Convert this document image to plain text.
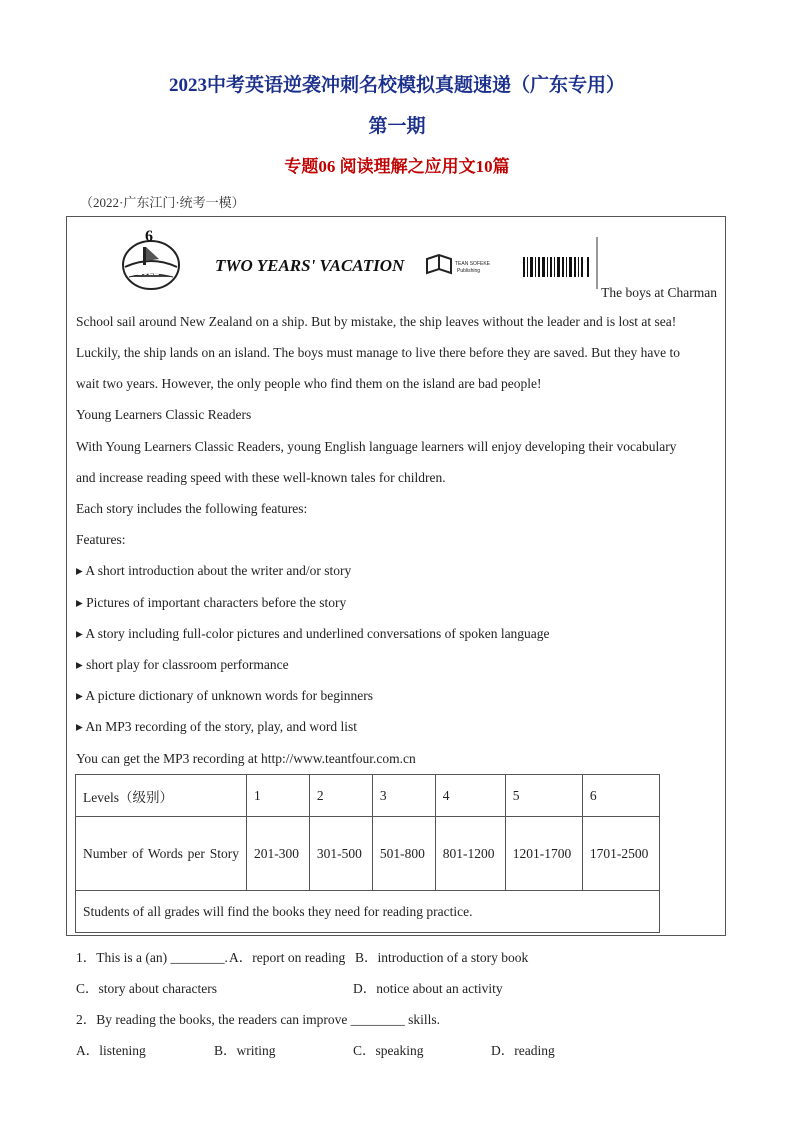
2023中考英语逆袭冲刺名校模拟真题速递（广东专用）
第一期
专题06 阅读理解之应用文10篇
（2022·广东江门·统考一模）
6
2022	TWO YEARS' VACATION	TEAN SOFEKE
Publishing
The boys at Charman
School sail around New Zealand on a ship. But by mistake, the ship leaves without the leader and is lost at sea!
Luckily, the ship lands on an island. The boys must manage to live there before they are saved. But they have to
wait two years. However, the only people who find them on the island are bad people!
Young Learners Classic Readers
With Young Learners Classic Readers, young English language learners will enjoy developing their vocabulary
and increase reading speed with these well-known tales for children.
Each story includes the following features:
Features:
▸ A short introduction about the writer and/or story
▸ Pictures of important characters before the story
▸ A story including full-color pictures and underlined conversations of spoken language
▸ short play for classroom performance
▸ A picture dictionary of unknown words for beginners
▸ An MP3 recording of the story, play, and word list
You can get the MP3 recording at http://www.teantfour.com.cn
Levels（级别）	1	2	3	4	5	6
Number of Words per Story	201-300	301-500	501-800	801-1200	1201-1700	1701-2500
Students of all grades will find the books they need for reading practice.						
1．This is a (an) ________. A．report on reading B．introduction of a story book
C．story about characters	D．notice about an activity
2．By reading the books, the readers can improve ________ skills.
A．listening	B．writing	C．speaking	D．reading
